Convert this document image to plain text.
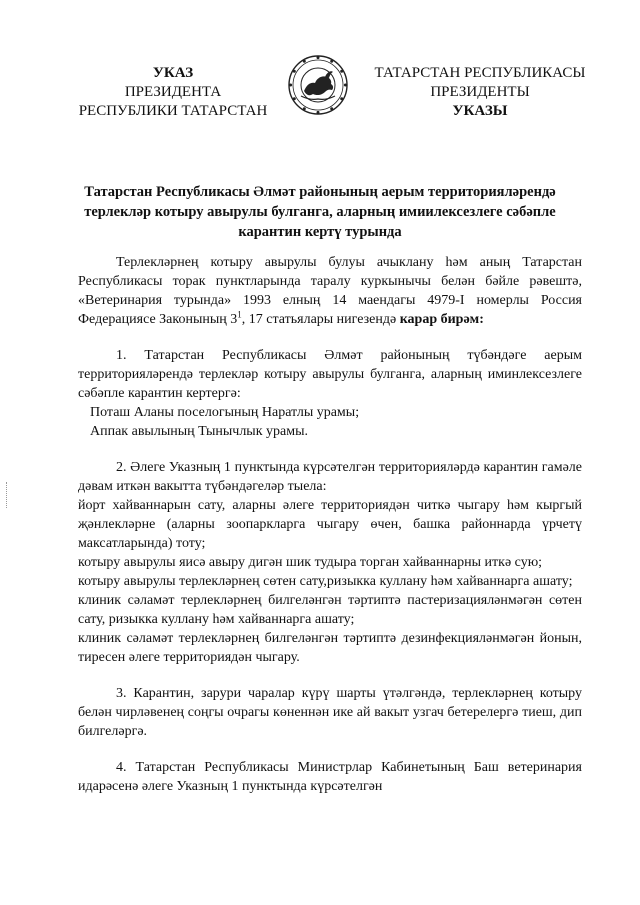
УКАЗ
ПРЕЗИДЕНТА
РЕСПУБЛИКИ ТАТАРСТАН
ТАТАРСТАН РЕСПУБЛИКАСЫ
ПРЕЗИДЕНТЫ
УКАЗЫ
Татарстан Республикасы Әлмәт районының аерым территорияләрендә
терлекләр котыру авырулы булганга, аларның имиилексезлеге сәбәпле
карантин кертү турында

Терлекләрнең котыру авырулы булуы ачыклану һәм аның Татарстан Республикасы торак пунктларында таралу куркынычы белән бәйле рәвештә, «Ветеринария турында» 1993 елның 14 маендагы 4979-I номерлы Россия Федерациясе Законының $3^1$, 17 статьялары нигезендә карар бирәм:

1. Татарстан Республикасы Әлмәт районының түбәндәге аерым территорияләрендә терлекләр котыру авырулы булганга, аларның иминлексезлеге сәбәпле карантин кертергә:

Поташ Аланы поселогының Наратлы урамы;

Аппак авылының Тынычлык урамы.

2. Әлеге Указның 1 пунктында күрсәтелгән территорияләрдә карантин гамәле дәвам иткән вакытта түбәндәгеләр тыела:

йорт хайваннарын сату, аларны әлеге территориядән читкә чыгару һәм кыргый җәнлекләрне (аларны зоопаркларга чыгару өчен, башка районнарда үрчетү максатларында) тоту;

котыру авырулы яисә авыру дигән шик тудыра торган хайваннарны иткә сую;

котыру авырулы терлекләрнең сөтен сату,ризыкка куллану һәм хайваннарга ашату;

клиник сәламәт терлекләрнең билгеләнгән тәртиптә пастеризацияләнмәгән сөтен сату, ризыкка куллану һәм хайваннарга ашату;

клиник сәламәт терлекләрнең билгеләнгән тәртиптә дезинфекцияләнмәгән йонын, тиресен әлеге территориядән чыгару.

3. Карантин, зарури чаралар күрү шарты үтәлгәндә, терлекләрнең котыру белән чирләвенең соңгы очрагы көненнән ике ай вакыт узгач бетерелергә тиеш, дип билгеләргә.

4. Татарстан Республикасы Министрлар Кабинетының Баш ветеринария идарәсенә әлеге Указның 1 пунктында күрсәтелгән
